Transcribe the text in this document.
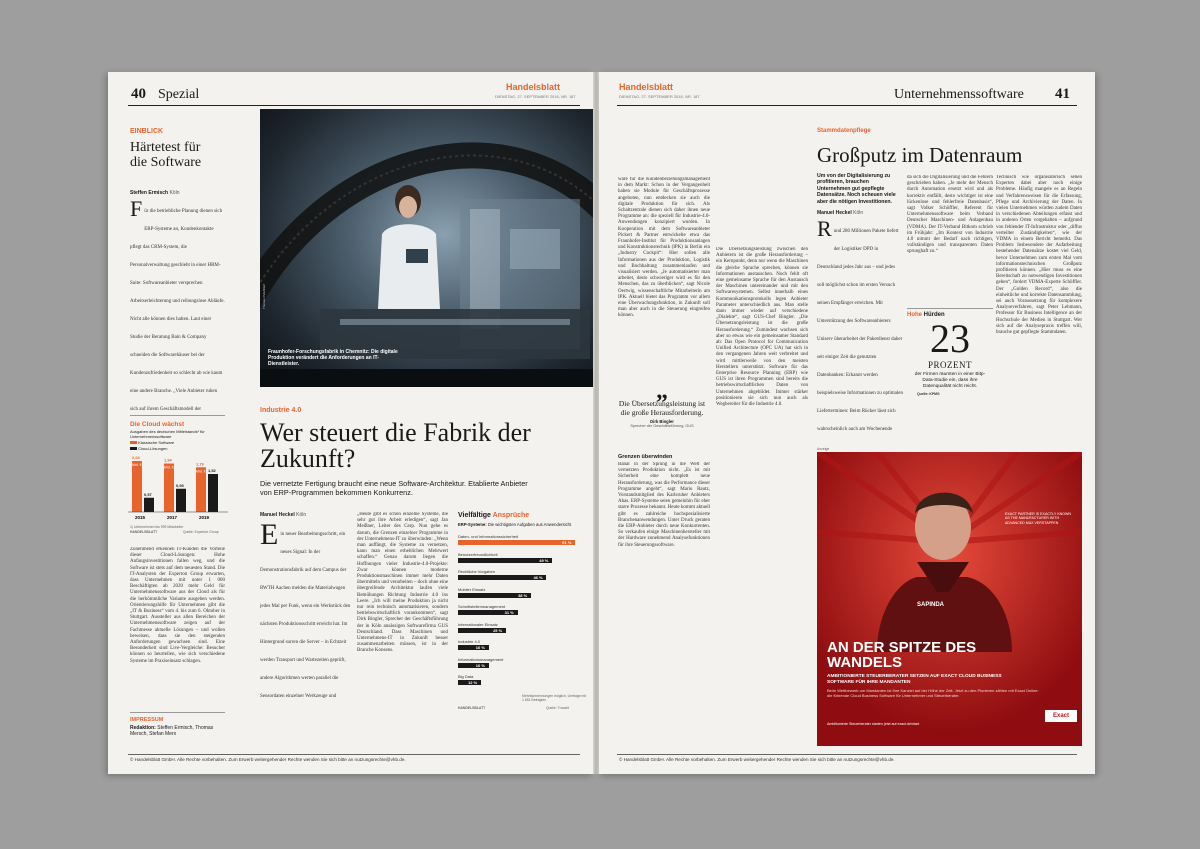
40 Spezial	Handelsblatt
DIENSTAG, 27. SEPTEMBER 2016, NR. 187
EINBLICK
Härtetest für die Software
Steffen Ermisch Köln
F ür die betriebliche Planung dienen sich ERP-Systeme an, Kundenkontakte pflegt das CRM-System, die Personalverwaltung geschieht in einer HRM-Suite: Softwareanbieter versprechen Arbeitserleichterung und reibungslose Abläufe. Nicht alle können dies halten. Laut einer Studie der Beratung Bain & Company schneiden die Softwarehäuser bei der Kundenzufriedenheit so schlecht ab wie kaum eine andere Branche. „Viele Anbieter ruhen sich auf ihrem Geschäftsmodell der
Die Cloud wächst
Ausgaben des deutschen Mittelstands¹ für Unternehmenssoftware
Klassische Software
Cloud-Lösungen
2,04
Mrd. €
0,57
2015
1,94
Mrd. €
0,93
2017
1,79
Mrd. € 1,52
2019
1) Unternehmen bis 999 Mitarbeiter
HANDELSBLATT	Quelle: Experton Group
Zunehmend erkennen IT-Kunden die Vorteile dieser Cloud-Lösungen: Hohe Anfangsinvestitionen fallen weg, und die Software ist stets auf dem neuesten Stand. Die IT-Analysten der Experton Group erwarten, dass Unternehmen mit unter 1 000 Beschäftigten ab 2020 mehr Geld für Unternehmenssoftware aus der Cloud als für die herkömmliche Variante ausgeben werden. Orientierungshilfe für Unternehmen gibt die „IT & Business“ vom 4. bis zum 6. Oktober in Stuttgart. Aussteller aus allen Bereichen der Unternehmenssoftware zeigen auf der Fachmesse aktuelle Lösungen – und wollen beweisen, dass sie den steigenden Anforderungen gewachsen sind. Eine Besonderheit sind Live-Vergleiche: Besucher können so beurteilen, wie sich verschiedene Systeme im Praxiseinsatz schlagen.
IMPRESSUM
Redaktion: Steffen Ermisch, Thomas Mersch, Stefan Merx
Fraunhofer-Forschungsfabrik in Chemnitz: Die digitale Produktion verändert die Anforderungen an IT-Dienstleister.
Thomas Pufahl/laif
Industrie 4.0
Wer steuert die Fabrik der Zukunft?
Die vernetzte Fertigung braucht eine neue Software-Architektur. Etablierte Anbieter von ERP-Programmen bekommen Konkurrenz.
Manuel Heckel Köln
E in neuer Bearbeitungsschritt, ein neues Signal: In der Demonstrationsfabrik auf dem Campus der RWTH Aachen melden die Materialwagen jedes Mal per Funk, wenn ein Werkstück den nächsten Produktionsschritt erreicht hat. Im Hintergrund surren die Server – in Echtzeit werden Transport und Wartezeiten geprüft, andere Algorithmen werten parallel die Sensordaten einzelner Werkzeuge und
„Heute gibt es schon einzelne Systeme, die sehr gut ihre Arbeit erledigen“, sagt Jan Meißner, Leiter des Cerp. Nun gehe es darum, die Grenzen einzelner Programme in der Unternehmens-IT zu überwinden: „Wenn man auffängt, die Systeme zu vernetzen, kann man einen erheblichen Mehrwert schaffen.“ Genau darum liegen die Hoffnungen vieler Industrie-4.0-Projekte: Zwar können moderne Produktionsmaschinen immer mehr Daten übermitteln und verarbeiten – doch ohne eine übergreifende Architektur laufen viele Bemühungen Richtung Industrie 4.0 ins Leere. „Ich will meine Produktion ja nicht nur rein technisch automatisieren, sondern betriebswirtschaftlich vorankommen“, sagt Dirk Bingler, Sprecher der Geschäftsführung der in Köln ansässigen Softwarefirma GUS Deutschland. Dass Maschinen und Unternehmens-IT in Zukunft besser zusammenarbeiten müssen, ist in der Branche Konsens.
Vielfältige Ansprüche
ERP-Systeme: Die wichtigsten Aufgaben aus Anwendersicht
Daten- und Informationssicherheit
61 %
Benutzerfreundlichkeit
49 %
Rechtliche Vorgaben
46 %
Mobiler Einsatz
38 %
Schnittstellenmanagement
31 %
Internationaler Einsatz
25 %
Industrie 4.0
16 %
Informationsmanagement
16 %
Big Data
12 %
Mehrfachnennungen möglich, Umfrage mit 1 651 Befragten
HANDELSBLATT	Quelle: Trovarit
© Handelsblatt GmbH. Alle Rechte vorbehalten. Zum Erwerb weitergehender Rechte wenden Sie sich bitte an nutzungsrechte@vhb.de.
Handelsblatt
DIENSTAG, 27. SEPTEMBER 2016, NR. 187	Unternehmenssoftware 41
ware für die Kundenbeziehungsmanagement in dem Markt: Schon in der Vergangenheit haben sie Module für Geschäftsprozesse angeboten, nun entdecken sie auch die digitale Produktion für sich. Als Schaltzentrale dienen sich daher ihnen neue Programme an: die speziell für Industrie-4.0-Anwendungen konzipiert wurden. In Kooperation mit dem Softwareanbieter Pickert & Partner entwickelte etwa das Fraunhofer-Institut für Produktionsanlagen und Konstruktionstechnik (IPK) in Berlin ein „Industry Cockpit“: Hier sollen alle Informationen aus der Produktion, Logistik und Buchhaltung zusammenlaufen und visualisiert werden. „Je automatisierter man arbeitet, desto schwieriger wird es für den Menschen, das zu überblicken“, sagt Nicole Oertwig, wissenschaftliche Mitarbeiterin am IPK. Aktuell bietet das Programm vor allem eine Überwachungsfunktion, in Zukunft soll man aber auch in die Steuerung eingreifen können.
„
Die Übersetzungsleistung ist die große Herausforderung.
Dirk Bingler
Sprecher der Geschäftsführung, GUS
Die Übersetzungsleistung zwischen den Anbietern ist die große Herausforderung – ein Kernpunkt, denn nur wenn die Maschinen die gleiche Sprache sprechen, können sie Informationen austauschen. Noch fehlt oft eine gemeinsame Sprache für den Austausch der Maschinen untereinander und mit den Softwaresystemen. Selbst innerhalb eines Kommunikationsprotokolls legen Anbieter Parameter unterschiedlich aus. Man stelle dann immer wieder auf verschiedene „Dialekte“, sagt GUS-Chef Bingler. „Die Übersetzungsleistung ist die große Herausforderung.“ Zumindest wachsen sich aber so etwas wie ein gemeinsamer Standard ab: Das Open Protocol for Communication Unified Architecture (OPC UA) hat sich in den vergangenen Jahren weit verbreitet und wird mittlerweile von den meisten Herstellern unterstützt. Software für das Enterprise Resource Planning (ERP) wie GUS ist ihren Programmen sind bereits die betriebswirtschaftlichen Daten von Unternehmen abgebildet. Immer stärker positionieren sie sich nun auch als Wegbereiter für die Industrie 4.0.
Grenzen überwinden
Banal in der Sprung in die Welt der vernetzten Produktion nicht. „Es ist mit Sicherheit eine komplett neue Herausforderung, was die Performance dieser Programme angeht“, sagt Mario Rautz, Vorstandsmitglied des Karlsruher Anbieters Abas. ERP-Systeme seien gemeinhin für eher starre Prozesse bekannt. Heute kommt aktuell gibt es zahlreiche hochspezialisierte Branchenanwendungen. Unter Druck geraten die ERP-Anbieter durch neue Konkurrenten. So verkaufen einige Maschinenhersteller mit der Hardware zunehmend Analysefunktionen für ihre Steuerungssoftware.
Stammdatenpflege
Großputz im Datenraum
Um von der Digitalisierung zu profitieren, brauchen Unternehmen gut gepflegte Datensätze. Noch scheuen viele aber die nötigen Investitionen.
Manuel Heckel Köln
R und 280 Millionen Pakete liefert der Logistiker DPD in Deutschland jedes Jahr aus – und jedes soll möglichst schon im ersten Versuch seinen Empfänger erreichen. Mit Unterstützung des Softwareanbieters Uniserv überarbeitet der Paketdienst daher seit einiger Zeit die genutzten Datenbanken: Erkannt werden beispielsweise Informationen zu optimalen Lieferterminen: Beim Rücker lässt sich wahrscheinlich auch am Wochenende
da sich die Digitalisierung und die Fehlern geschrieben haben. „Je mehr der Mensch durch Automation ersetzt wird und als korrektiv entfällt, desto wichtiger ist eine lückenlose und fehlerfreie Datenbasis“, sagt Volker Schöffler, Referent für Unternehmenssoftware beim Verband Deutscher Maschinen- und Anlagenbau (VDMA). Der IT-Verband Bitkom schrieb im Frühjahr: „Im Kontext von Industrie 4.0 nimmt der Bedarf nach richtigen, vollständigen und transparenten Daten sprunghaft zu.“
Hohe Hürden
23
PROZENT
der Firmen räumten in einer Bitp-Data-Studie ein, dass ihre Datenqualität nicht reicht.
Quelle: KPMG
Technisch wie organisatorisch sehen Experten dabei aber noch einige Probleme. Häufig mangele es an Regeln und Verfahrensweisen für die Erfassung, Pflege und Archivierung der Daten. In vielen Unternehmen würden zudem Daten in verschiedenen Abteilungen erfasst und in anderen Orten vorgehalten – aufgrund von fehlender IT-Infrastruktur oder „diffus verteilter Zuständigkeiten“, wie der VDMA in einem Bericht bemerkt. Das Problem: Insbesondere der Aufarbeitung bestehender Datensätze kostet viel Geld, bevor Unternehmen zum ersten Mal vom informationstechnischen Großputz profitieren können. „Hier muss es eine Bereitschaft zu notwendigen Investitionen geben“, fordert VDMA-Experte Schöffler. Der „Golden Record“, also die einheitliche und korrekte Datensammlung, sei auch Voraussetzung für komplexere Analyseverfahren, sagt Peter Lehmann, Professor für Business Intelligence an der Hochschule der Medien in Stuttgart. Wer sich auf die Analysepraxis treffen will, brauche gut gepflegte Stammdaten.
Anzeige
EXACT PARTNER IS EXACTLY KNOWN AS THE MANUFACTURER WITH ADVANCED MAX VERSTAPPEN
SAPINDA
AN DER SPITZE DES WANDELS
AMBITIONIERTE STEUERBERATER SETZEN AUF EXACT CLOUD BUSINESS SOFTWARE FÜR IHRE MANDANTEN
Beim Wettbewerb um Mandanten ist Ihre Kanzlei auf der Höhe der Zeit. Jetzt zu den Pionieren zählen mit Exact Online: die führende Cloud Business Software für Unternehmer und Steuerberater.
Ambitionierte Steuerberater starten jetzt auf exact.de/start
Exact
© Handelsblatt GmbH. Alle Rechte vorbehalten. Zum Erwerb weitergehender Rechte wenden Sie sich bitte an nutzungsrechte@vhb.de.
